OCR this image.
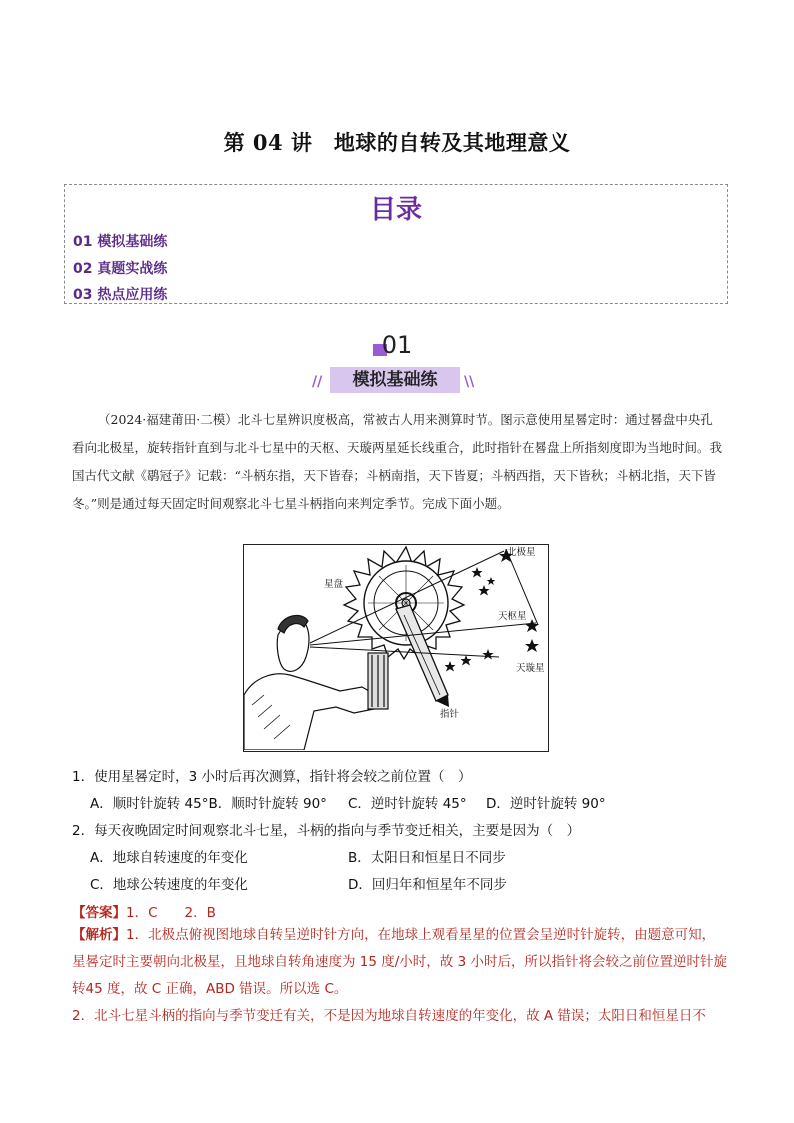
第 04 讲　地球的自转及其地理意义
目录
01 模拟基础练
02 真题实战练
03 热点应用练
01
//	模拟基础练	\\
（2024·福建莆田·二模）北斗七星辨识度极高，常被古人用来测算时节。图示意使用星晷定时：通过晷盘中央孔看向北极星，旋转指针直到与北斗七星中的天枢、天璇两星延长线重合，此时指针在晷盘上所指刻度即为当地时间。我国古代文献《鹖冠子》记载：“斗柄东指，天下皆春；斗柄南指，天下皆夏；斗柄西指，天下皆秋；斗柄北指，天下皆冬。”则是通过每天固定时间观察北斗七星斗柄指向来判定季节。完成下面小题。
北极星
星盘
天枢星
天璇星
指针
1．使用星晷定时，3 小时后再次测算，指针将会较之前位置（　）
A．顺时针旋转 45°B．顺时针旋转 90° C．逆时针旋转 45° D．逆时针旋转 90°
2．每天夜晚固定时间观察北斗七星，斗柄的指向与季节变迁相关，主要是因为（　）
A．地球自转速度的年变化	B．太阳日和恒星日不同步
C．地球公转速度的年变化	D．回归年和恒星年不同步
【答案】1．C　　2．B
【解析】1．北极点俯视图地球自转呈逆时针方向，在地球上观看星星的位置会呈逆时针旋转，由题意可知，星晷定时主要朝向北极星，且地球自转角速度为 15 度/小时，故 3 小时后，所以指针将会较之前位置逆时针旋转45 度，故 C 正确，ABD 错误。所以选 C。
2．北斗七星斗柄的指向与季节变迁有关，不是因为地球自转速度的年变化，故 A 错误；太阳日和恒星日不
